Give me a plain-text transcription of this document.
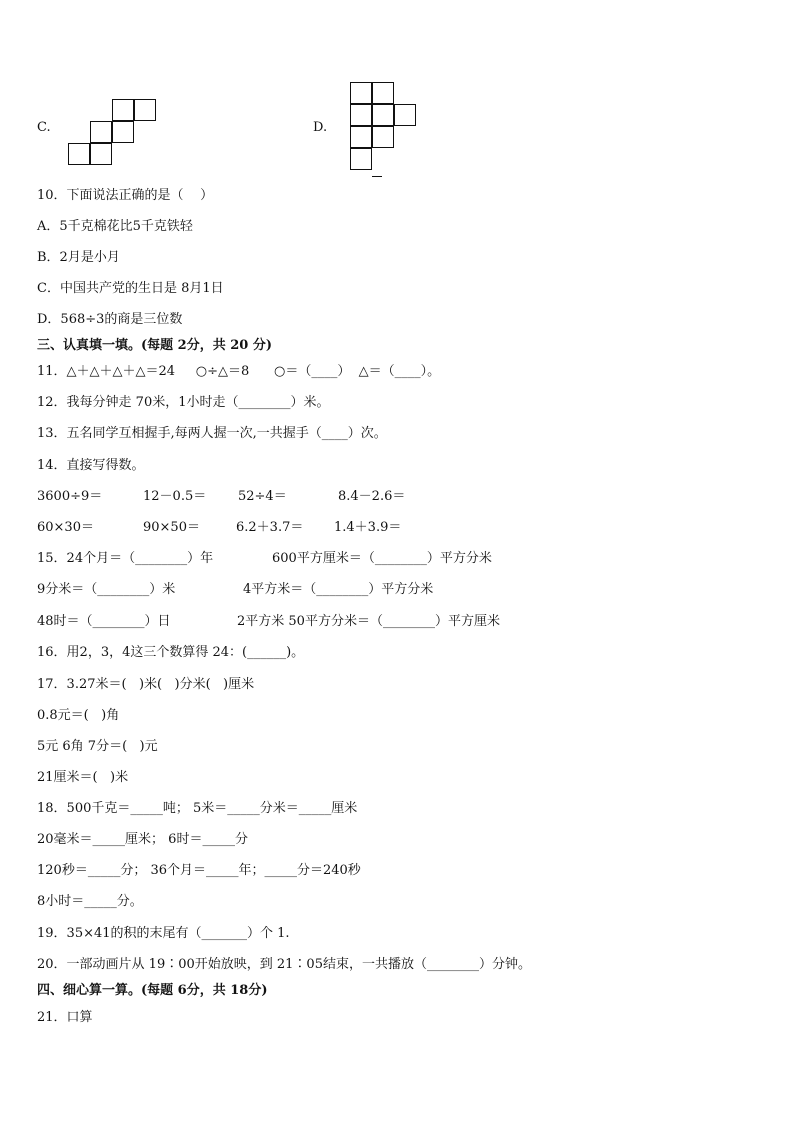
C.	D.
10．下面说法正确的是（    ）
A．5千克棉花比5千克铁轻
B．2月是小月
C．中国共产党的生日是 8月1日
D．568÷3的商是三位数
三、认真填一填。(每题 2分，共 20 分)
11．△＋△＋△＋△＝24     ○÷△＝8      ○＝（____）  △＝（____）。
12．我每分钟走 70米，1小时走（________）米。
13．五名同学互相握手,每两人握一次,一共握手（____）次。
14．直接写得数。
3600÷9＝	12－0.5＝ 52÷4＝	8.4－2.6＝
60×30＝	90×50＝	6.2＋3.7＝ 1.4＋3.9＝
15．24个月＝（________）年	600平方厘米＝（________）平方分米
9分米＝（________）米	4平方米＝（________）平方分米
48时＝（________）日	2平方米 50平方分米＝（________）平方厘米
16．用2，3，4这三个数算得 24：(______)。
17．3.27米＝(   )米(   )分米(   )厘米
0.8元＝(   )角
5元 6角 7分＝(   )元
21厘米＝(   )米
18．500千克＝_____吨； 5米＝_____分米＝_____厘米
20毫米＝_____厘米； 6时＝_____分
120秒＝_____分； 36个月＝_____年；_____分＝240秒
8小时＝_____分。
19．35×41的积的末尾有（_______）个 1.
20．一部动画片从 19∶00开始放映，到 21∶05结束，一共播放（________）分钟。
四、细心算一算。(每题 6分，共 18分)
21．口算
